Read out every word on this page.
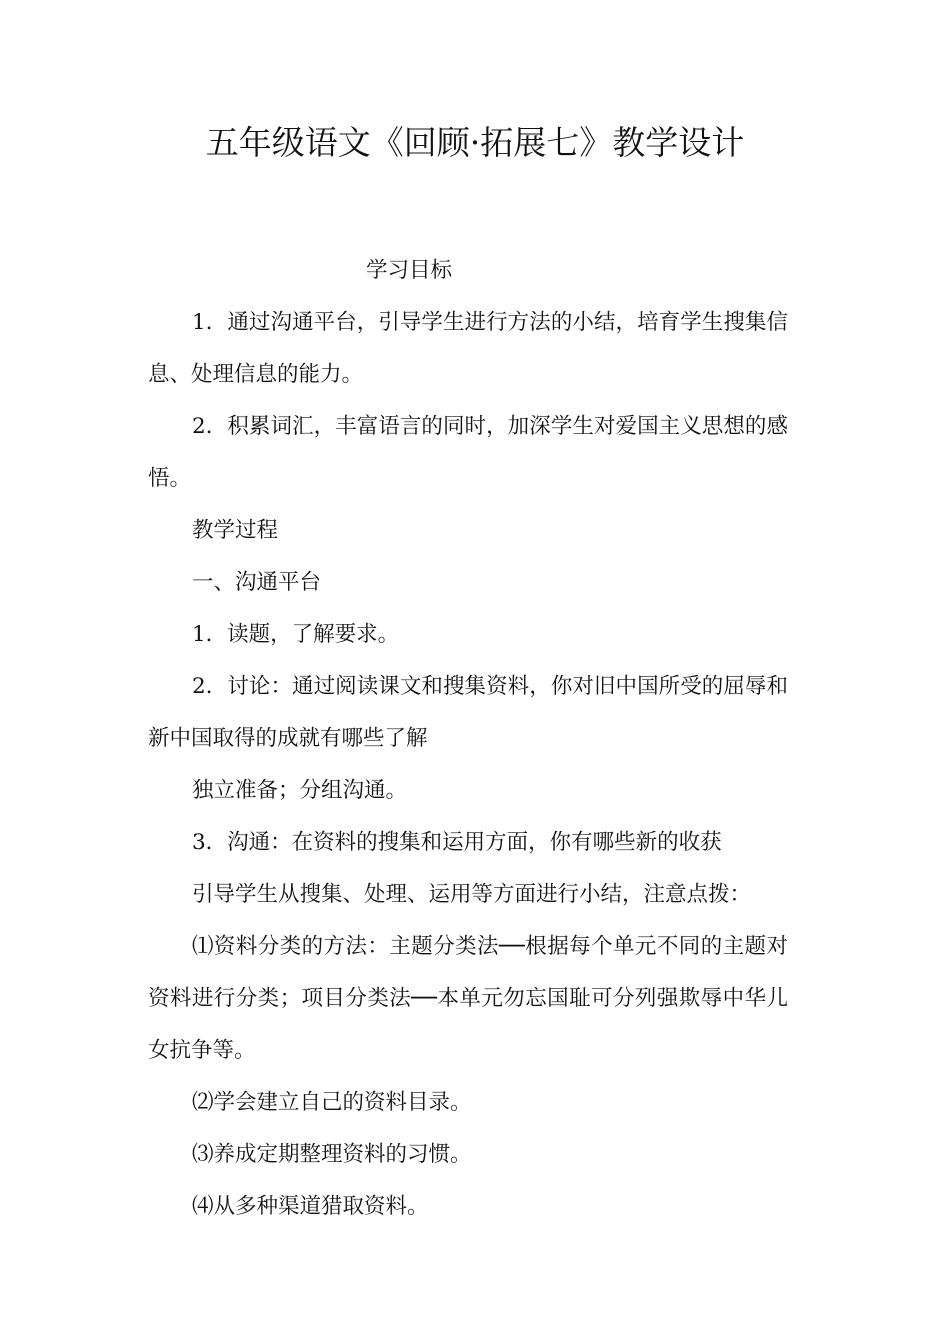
五年级语文《回顾·拓展七》教学设计

学习目标

1．通过沟通平台，引导学生进行方法的小结，培育学生搜集信息、处理信息的能力。

2．积累词汇，丰富语言的同时，加深学生对爱国主义思想的感悟。

教学过程

一、沟通平台

1．读题，了解要求。

2．讨论：通过阅读课文和搜集资料，你对旧中国所受的屈辱和新中国取得的成就有哪些了解

独立准备；分组沟通。

3．沟通：在资料的搜集和运用方面，你有哪些新的收获

引导学生从搜集、处理、运用等方面进行小结，注意点拨：

⑴资料分类的方法：主题分类法──根据每个单元不同的主题对资料进行分类；项目分类法──本单元勿忘国耻可分列强欺辱中华儿女抗争等。

⑵学会建立自己的资料目录。

⑶养成定期整理资料的习惯。

⑷从多种渠道猎取资料。
